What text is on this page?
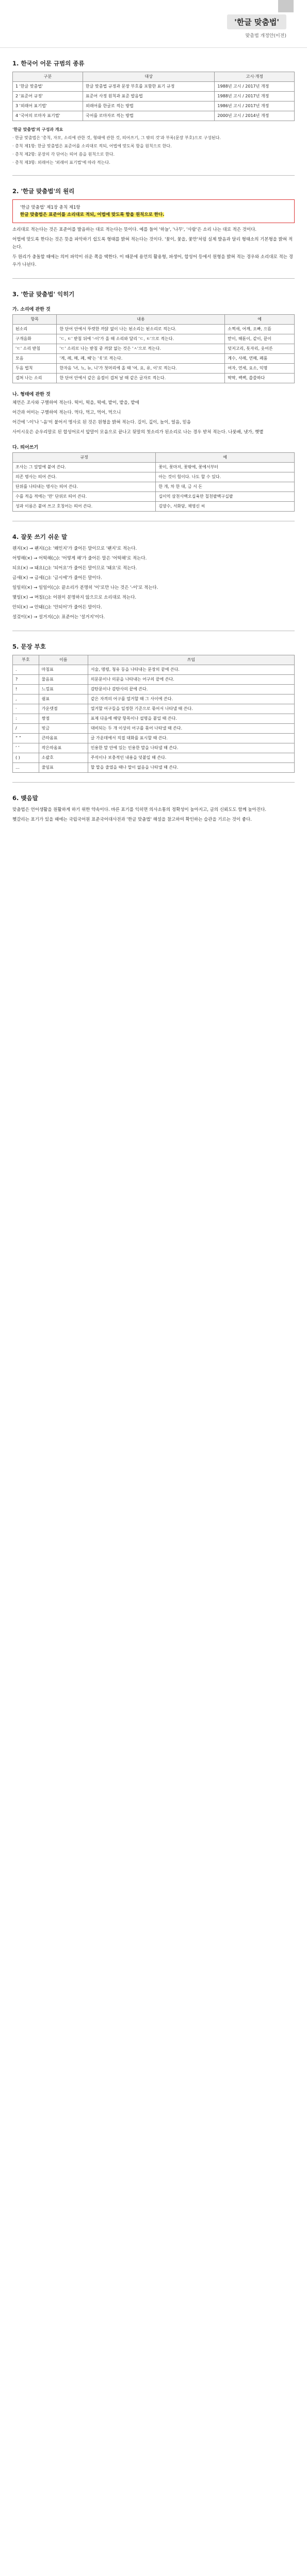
'한글 맞춤법'
맞춤법 개정안(이전)
1. 한국어 어문 규범의 종류
구분	대상	고시·개정
1 '한글 맞춤법'	한글 맞춤법 규정과 문장 부호를 포함한 표기 규정	1988년 고시 / 2017년 개정
2 '표준어 규정'	표준어 사정 원칙과 표준 발음법	1988년 고시 / 2017년 개정
3 '외래어 표기법'	외래어를 한글로 적는 방법	1986년 고시 / 2017년 개정
4 '국어의 로마자 표기법'	국어를 로마자로 적는 방법	2000년 고시 / 2014년 개정
'한글 맞춤법'의 구성과 개요
· 한글 맞춤법은 '총칙, 자모, 소리에 관한 것, 형태에 관한 것, 띄어쓰기, 그 밖의 것'과 부록(문장 부호)으로 구성된다.
· 총칙 제1항: 한글 맞춤법은 표준어를 소리대로 적되, 어법에 맞도록 함을 원칙으로 한다.
· 총칙 제2항: 문장의 각 단어는 띄어 씀을 원칙으로 한다.
· 총칙 제3항: 외래어는 '외래어 표기법'에 따라 적는다.
2. '한글 맞춤법'의 원리
'한글 맞춤법' 제1장 총칙 제1항
한글 맞춤법은 표준어를 소리대로 적되, 어법에 맞도록 함을 원칙으로 한다.
소리대로 적는다는 것은 표준어를 발음하는 대로 적는다는 뜻이다. 예를 들어 '하늘', '나무', '사람'은 소리 나는 대로 적은 것이다.
어법에 맞도록 한다는 것은 뜻을 파악하기 쉽도록 형태를 밝혀 적는다는 것이다. '꽃이, 꽃을, 꽃만'처럼 실제 발음과 달리 형태소의 기본형을 밝혀 적는다.
두 원리가 충돌할 때에는 의미 파악이 쉬운 쪽을 택한다. 이 때문에 용언의 활용형, 파생어, 합성어 등에서 원형을 밝혀 적는 경우와 소리대로 적는 경우가 나뉜다.
3. '한글 맞춤법' 익히기
가. 소리에 관한 것
항목	내용	예
된소리	한 단어 안에서 뚜렷한 까닭 없이 나는 된소리는 된소리로 적는다.	소쩍새, 어깨, 오빠, 으뜸
구개음화	'ㄷ, ㅌ' 받침 뒤에 '-이'가 올 때 소리와 달리 'ㄷ, ㅌ'으로 적는다.	맏이, 해돋이, 같이, 끝이
'ㄷ' 소리 받침	'ㄷ' 소리로 나는 받침 중 까닭 없는 것은 'ㅅ'으로 적는다.	덧저고리, 돗자리, 웃어른
모음	'계, 례, 몌, 폐, 혜'는 'ㅖ'로 적는다.	계수, 사례, 연몌, 폐품
두음 법칙	한자음 '녀, 뇨, 뉴, 니'가 첫머리에 올 때 '여, 요, 유, 이'로 적는다.	여자, 연세, 요소, 익명
겹쳐 나는 소리	한 단어 안에서 같은 음절이 겹쳐 날 때 같은 글자로 적는다.	딱딱, 쌕쌕, 씁쓸하다
나. 형태에 관한 것
체언은 조사와 구별하여 적는다. 떡이, 떡을, 떡에, 밭이, 밭을, 밭에
어간과 어미는 구별하여 적는다. 먹다, 먹고, 먹어, 먹으니
어간에 '-이'나 '-음'이 붙어서 명사로 된 것은 원형을 밝혀 적는다. 길이, 깊이, 높이, 얼음, 믿음
사이시옷은 순우리말로 된 합성어로서 앞말이 모음으로 끝나고 뒷말의 첫소리가 된소리로 나는 경우 받쳐 적는다. 나룻배, 냇가, 햇볕
다. 띄어쓰기
규정	예
조사는 그 앞말에 붙여 쓴다.	꽃이, 꽃마저, 꽃밖에, 꽃에서부터
의존 명사는 띄어 쓴다.	아는 것이 힘이다. 나도 할 수 있다.
단위를 나타내는 명사는 띄어 쓴다.	한 개, 차 한 대, 금 서 돈
수를 적을 적에는 '만' 단위로 띄어 쓴다.	십이억 삼천사백오십육만 칠천팔백구십팔
성과 이름은 붙여 쓰고 호칭어는 띄어 쓴다.	김양수, 서화담, 채영신 씨
4. 잘못 쓰기 쉬운 말
웬지(×) → 왠지(○): '왜인지'가 줄어든 말이므로 '왠지'로 적는다.
어떻해(×) → 어떡해(○): '어떻게 해'가 줄어든 말은 '어떡해'로 적는다.
되요(×) → 돼요(○): '되어요'가 줄어든 말이므로 '돼요'로 적는다.
금새(×) → 금세(○): '금시에'가 줄어든 말이다.
일일히(×) → 일일이(○): 끝소리가 분명히 '이'로만 나는 것은 '-이'로 적는다.
몇일(×) → 며칠(○): 어원이 분명하지 않으므로 소리대로 적는다.
안되(×) → 안돼(○): '안되어'가 줄어든 말이다.
설겆이(×) → 설거지(○): 표준어는 '설거지'이다.
5. 문장 부호
부호	이름	쓰임
.	마침표	서술, 명령, 청유 등을 나타내는 문장의 끝에 쓴다.
?	물음표	의문문이나 의문을 나타내는 어구의 끝에 쓴다.
!	느낌표	감탄문이나 감탄사의 끝에 쓴다.
,	쉼표	같은 자격의 어구를 열거할 때 그 사이에 쓴다.
·	가운뎃점	열거할 어구들을 일정한 기준으로 묶어서 나타낼 때 쓴다.
:	쌍점	표제 다음에 해당 항목이나 설명을 붙일 때 쓴다.
/	빗금	대비되는 두 개 이상의 어구를 묶어 나타낼 때 쓴다.
“ ”	큰따옴표	글 가운데에서 직접 대화를 표시할 때 쓴다.
‘ ’	작은따옴표	인용한 말 안에 있는 인용한 말을 나타낼 때 쓴다.
( )	소괄호	주석이나 보충적인 내용을 덧붙일 때 쓴다.
…	줄임표	할 말을 줄였을 때나 말이 없음을 나타낼 때 쓴다.
6. 맺음말
맞춤법은 언어생활을 원활하게 하기 위한 약속이다. 바른 표기를 익히면 의사소통의 정확성이 높아지고, 글의 신뢰도도 함께 높아진다.
헷갈리는 표기가 있을 때에는 국립국어원 표준국어대사전과 '한글 맞춤법' 해설을 참고하여 확인하는 습관을 기르는 것이 좋다.
